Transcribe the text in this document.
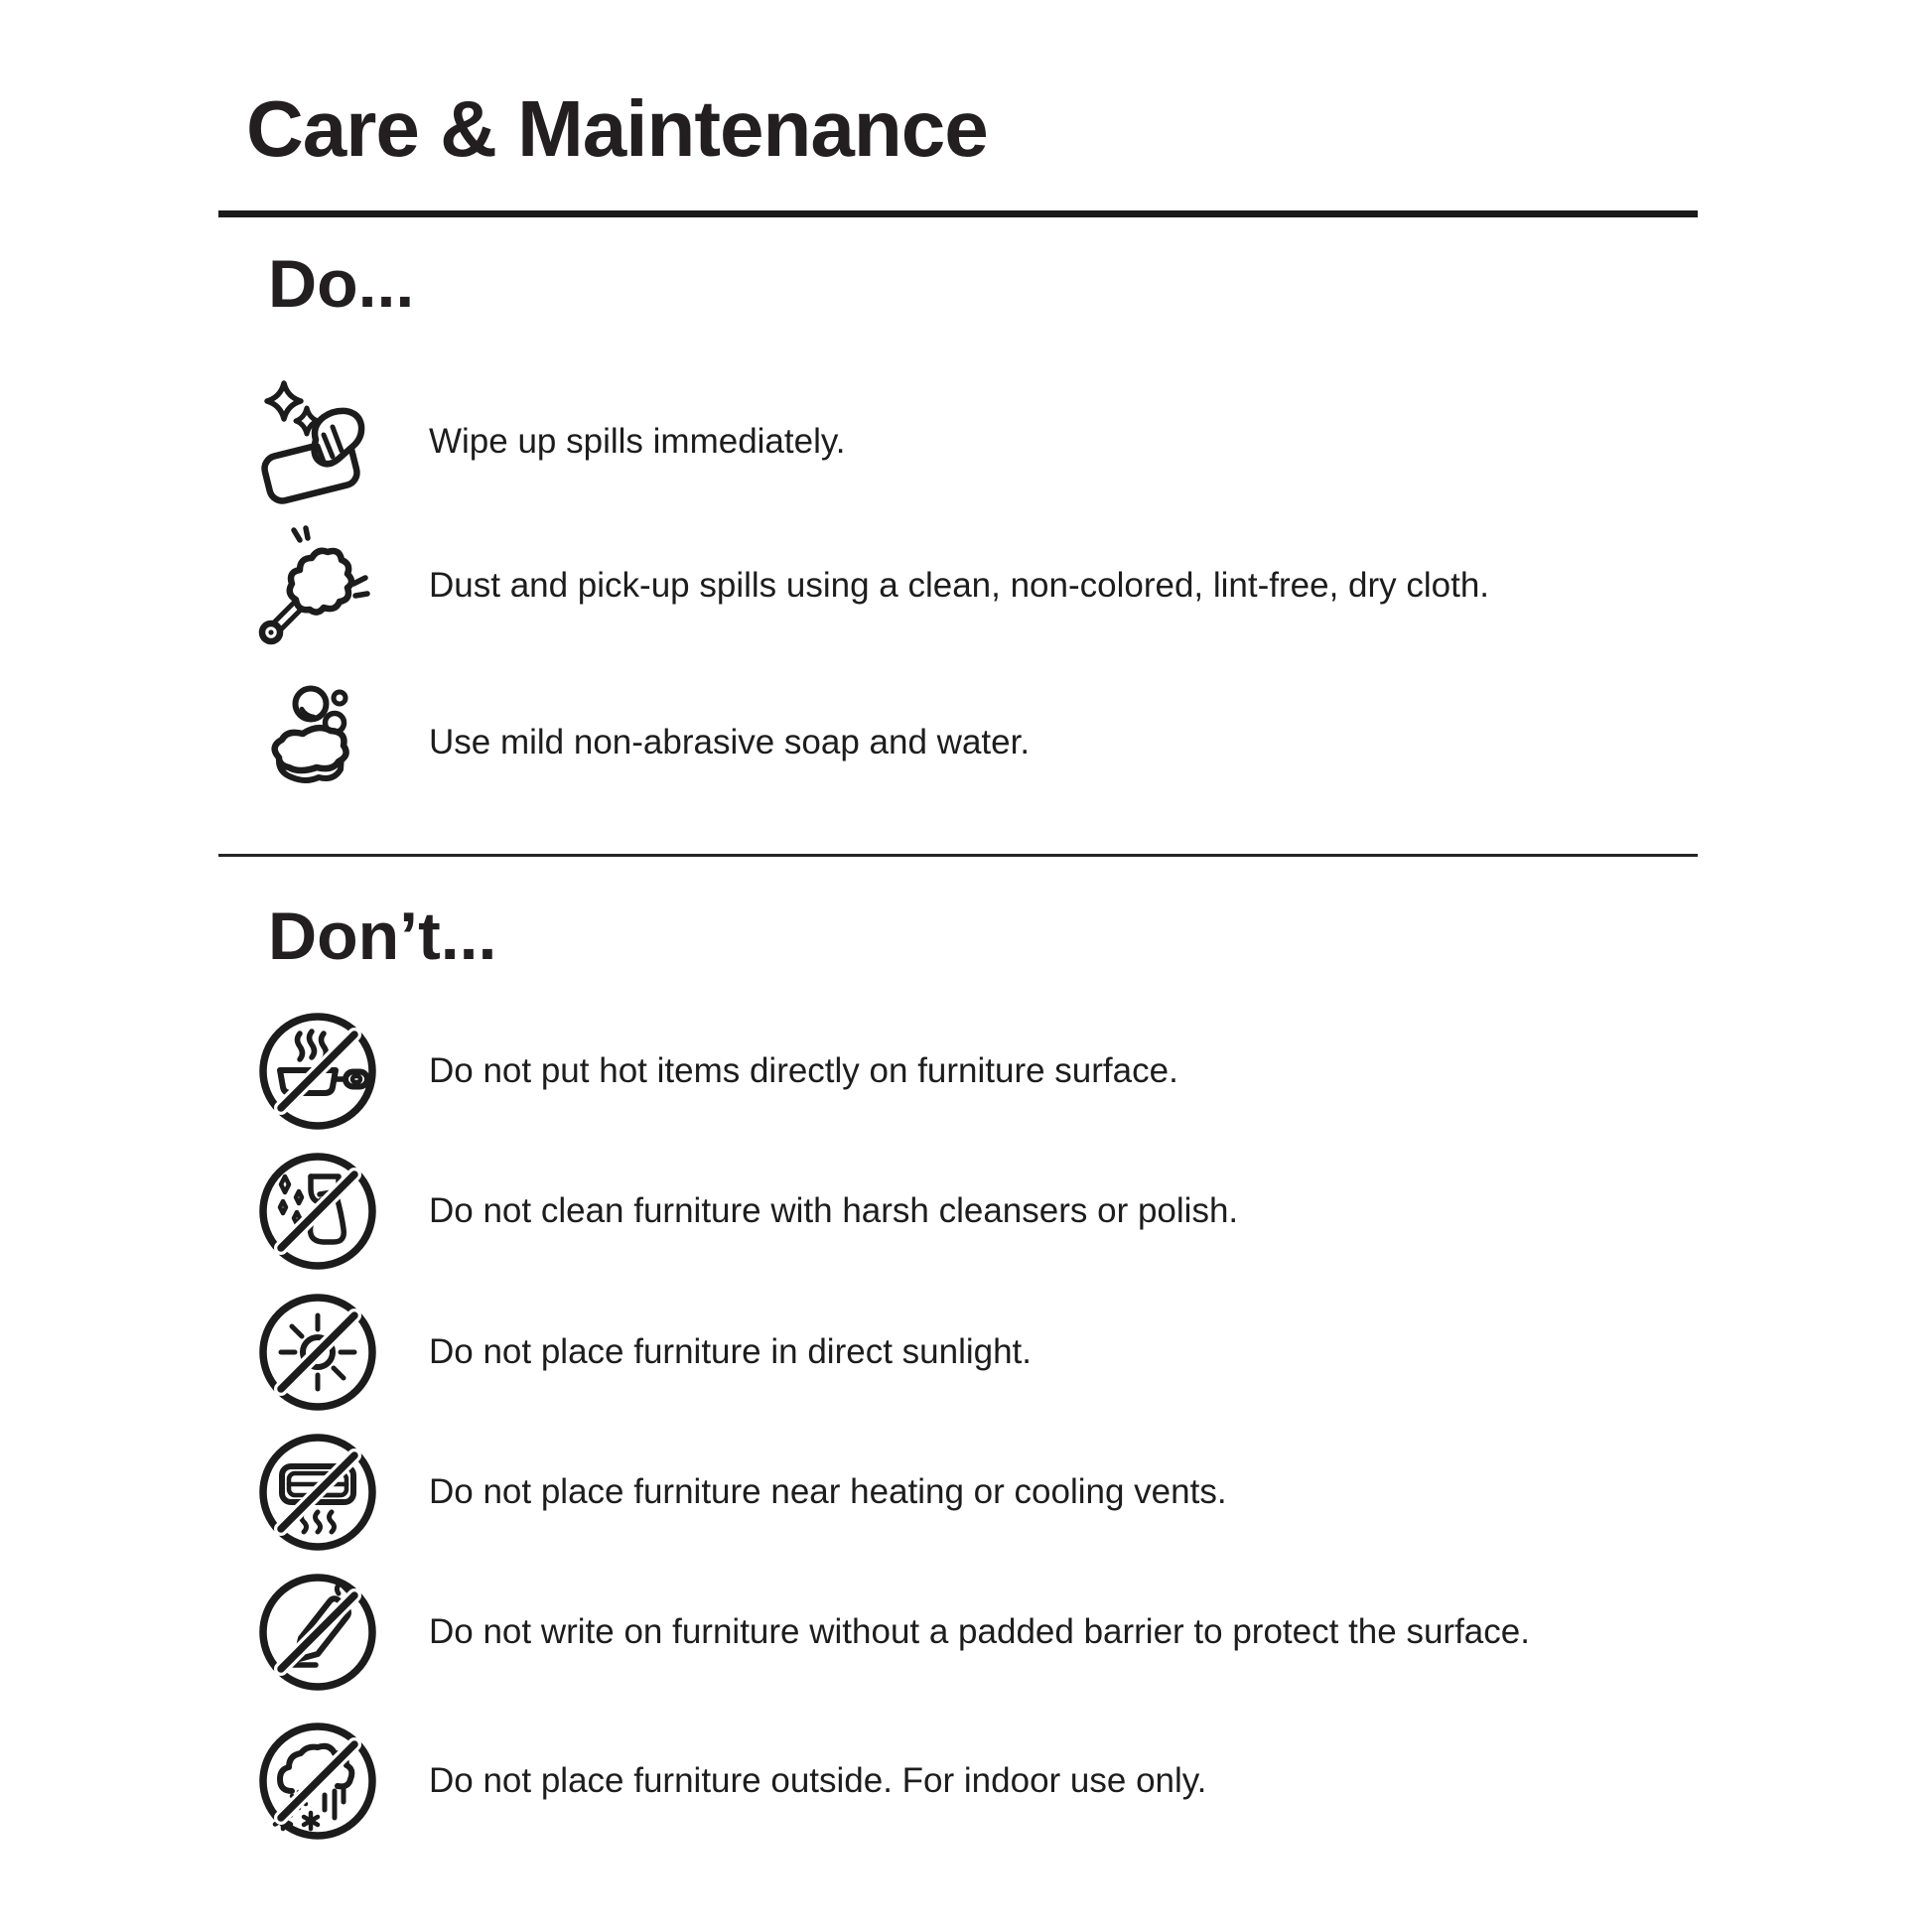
Care & Maintenance
Do...

Wipe up spills immediately.

Dust and pick-up spills using a clean, non-colored, lint-free, dry cloth.

Use mild non-abrasive soap and water.

Don’t...

Do not put hot items directly on furniture surface.

Do not clean furniture with harsh cleansers or polish.

Do not place furniture in direct sunlight.

Do not place furniture near heating or cooling vents.

Do not write on furniture without a padded barrier to protect the surface.

Do not place furniture outside. For indoor use only.
